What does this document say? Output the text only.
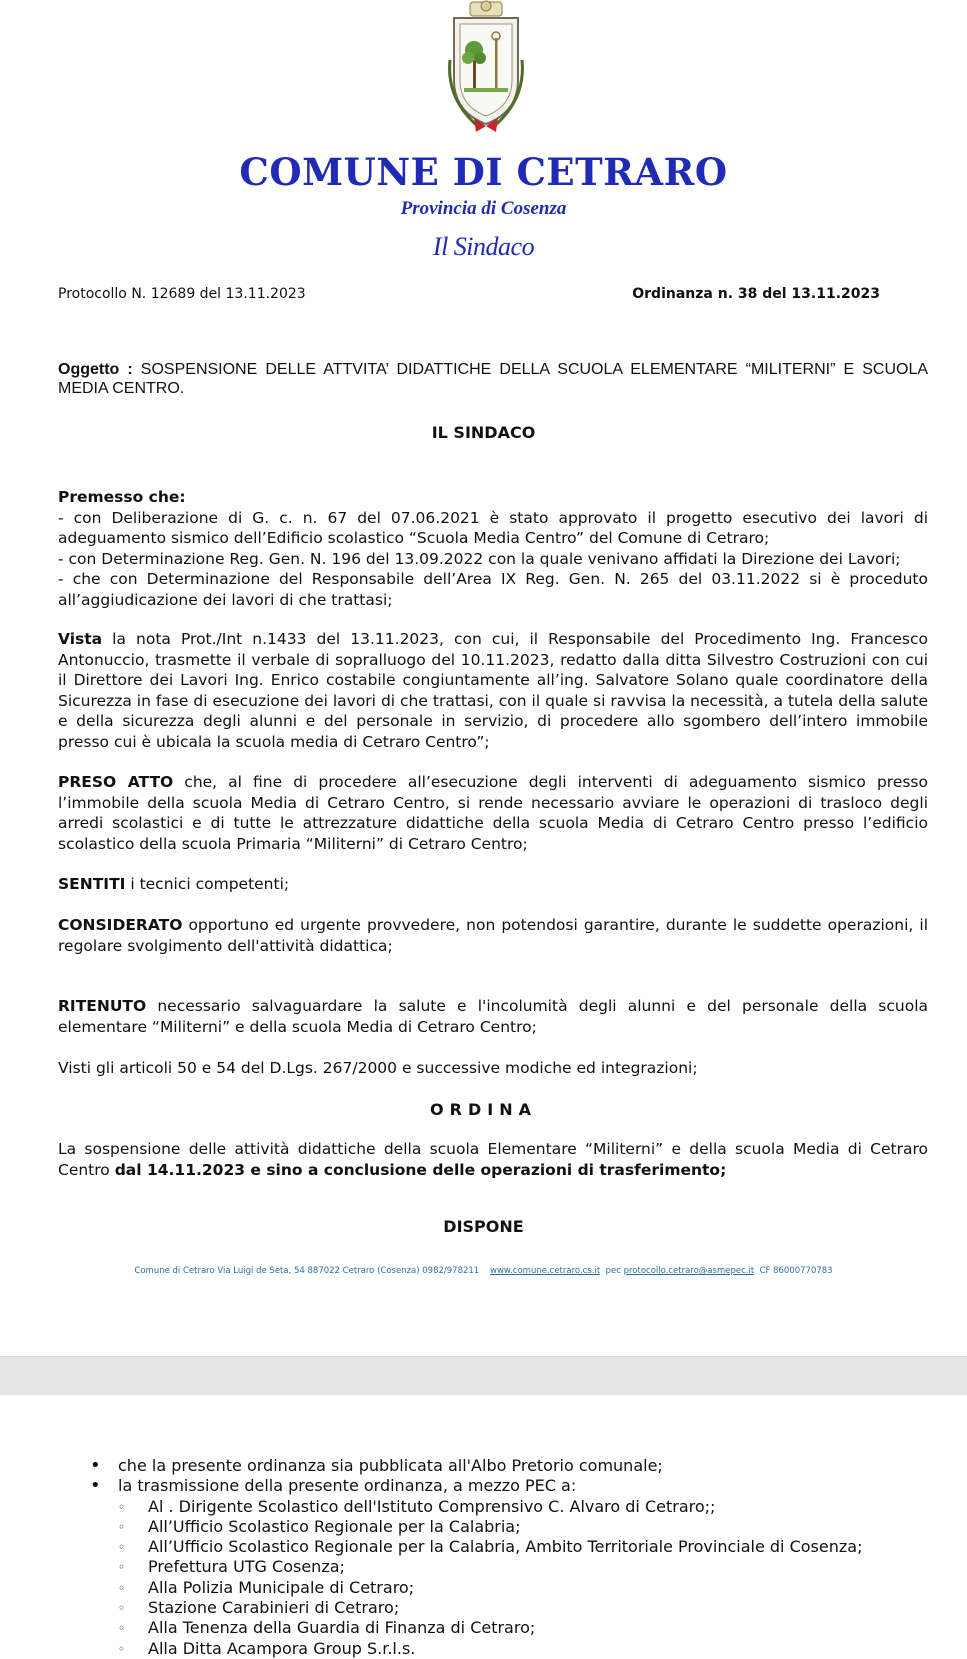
COMUNE DI CETRARO
Provincia di Cosenza
Il Sindaco
Protocollo N. 12689 del 13.11.2023	Ordinanza n. 38 del 13.11.2023
Oggetto : SOSPENSIONE DELLE ATTVITA’ DIDATTICHE DELLA SCUOLA ELEMENTARE “MILITERNI” E SCUOLA MEDIA CENTRO.
IL SINDACO
Premesso che:
- con Deliberazione di G. c. n. 67 del 07.06.2021 è stato approvato il progetto esecutivo dei lavori di adeguamento sismico dell’Edificio scolastico “Scuola Media Centro” del Comune di Cetraro;
- con Determinazione Reg. Gen. N. 196 del 13.09.2022 con la quale venivano affidati la Direzione dei Lavori;
- che con Determinazione del Responsabile dell’Area IX Reg. Gen. N. 265 del 03.11.2022 si è proceduto all’aggiudicazione dei lavori di che trattasi;
Vista la nota Prot./Int n.1433 del 13.11.2023, con cui, il Responsabile del Procedimento Ing. Francesco Antonuccio, trasmette il verbale di sopralluogo del 10.11.2023, redatto dalla ditta Silvestro Costruzioni con cui il Direttore dei Lavori Ing. Enrico costabile congiuntamente all’ing. Salvatore Solano quale coordinatore della Sicurezza in fase di esecuzione dei lavori di che trattasi, con il quale si ravvisa la necessità, a tutela della salute e della sicurezza degli alunni e del personale in servizio, di procedere allo sgombero dell’intero immobile presso cui è ubicala la scuola media di Cetraro Centro”;
PRESO ATTO che, al fine di procedere all’esecuzione degli interventi di adeguamento sismico presso l’immobile della scuola Media di Cetraro Centro, si rende necessario avviare le operazioni di trasloco degli arredi scolastici e di tutte le attrezzature didattiche della scuola Media di Cetraro Centro presso l’edificio scolastico della scuola Primaria “Militerni” di Cetraro Centro;
SENTITI i tecnici competenti;
CONSIDERATO opportuno ed urgente provvedere, non potendosi garantire, durante le suddette operazioni, il regolare svolgimento dell'attività didattica;
RITENUTO necessario salvaguardare la salute e l'incolumità degli alunni e del personale della scuola elementare “Militerni” e della scuola Media di Cetraro Centro;
Visti gli articoli 50 e 54 del D.Lgs. 267/2000 e successive modiche ed integrazioni;
ORDINA
La sospensione delle attività didattiche della scuola Elementare “Militerni” e della scuola Media di Cetraro Centro dal 14.11.2023 e sino a conclusione delle operazioni di trasferimento;
DISPONE
Comune di Cetraro Via Luigi de Seta, 54 887022 Cetraro (Cosenza) 0982/978211 www.comune.cetraro.cs.it pec protocollo.cetraro@asmepec.it CF 86000770783
• che la presente ordinanza sia pubblicata all'Albo Pretorio comunale;
• la trasmissione della presente ordinanza, a mezzo PEC a:
◦ Al . Dirigente Scolastico dell'Istituto Comprensivo C. Alvaro di Cetraro;;
◦ All’Ufficio Scolastico Regionale per la Calabria;
◦ All’Ufficio Scolastico Regionale per la Calabria, Ambito Territoriale Provinciale di Cosenza;
◦ Prefettura UTG Cosenza;
◦ Alla Polizia Municipale di Cetraro;
◦ Stazione Carabinieri di Cetraro;
◦ Alla Tenenza della Guardia di Finanza di Cetraro;
◦ Alla Ditta Acampora Group S.r.l.s.
